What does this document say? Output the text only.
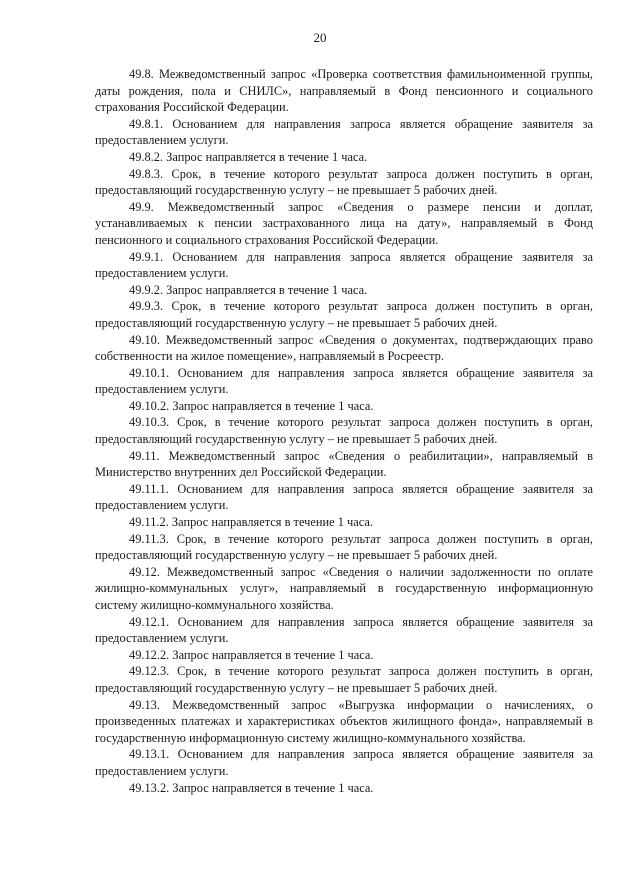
20

49.8. Межведомственный запрос «Проверка соответствия фамильноименной группы, даты рождения, пола и СНИЛС», направляемый в Фонд пенсионного и социального страхования Российской Федерации.

49.8.1. Основанием для направления запроса является обращение заявителя за предоставлением услуги.

49.8.2. Запрос направляется в течение 1 часа.

49.8.3. Срок, в течение которого результат запроса должен поступить в орган, предоставляющий государственную услугу – не превышает 5 рабочих дней.

49.9. Межведомственный запрос «Сведения о размере пенсии и доплат, устанавливаемых к пенсии застрахованного лица на дату», направляемый в Фонд пенсионного и социального страхования Российской Федерации.

49.9.1. Основанием для направления запроса является обращение заявителя за предоставлением услуги.

49.9.2. Запрос направляется в течение 1 часа.

49.9.3. Срок, в течение которого результат запроса должен поступить в орган, предоставляющий государственную услугу – не превышает 5 рабочих дней.

49.10. Межведомственный запрос «Сведения о документах, подтверждающих право собственности на жилое помещение», направляемый в Росреестр.

49.10.1. Основанием для направления запроса является обращение заявителя за предоставлением услуги.

49.10.2. Запрос направляется в течение 1 часа.

49.10.3. Срок, в течение которого результат запроса должен поступить в орган, предоставляющий государственную услугу – не превышает 5 рабочих дней.

49.11. Межведомственный запрос «Сведения о реабилитации», направляемый в Министерство внутренних дел Российской Федерации.

49.11.1. Основанием для направления запроса является обращение заявителя за предоставлением услуги.

49.11.2. Запрос направляется в течение 1 часа.

49.11.3. Срок, в течение которого результат запроса должен поступить в орган, предоставляющий государственную услугу – не превышает 5 рабочих дней.

49.12. Межведомственный запрос «Сведения о наличии задолженности по оплате жилищно-коммунальных услуг», направляемый в государственную информационную систему жилищно-коммунального хозяйства.

49.12.1. Основанием для направления запроса является обращение заявителя за предоставлением услуги.

49.12.2. Запрос направляется в течение 1 часа.

49.12.3. Срок, в течение которого результат запроса должен поступить в орган, предоставляющий государственную услугу – не превышает 5 рабочих дней.

49.13. Межведомственный запрос «Выгрузка информации о начислениях, о произведенных платежах и характеристиках объектов жилищного фонда», направляемый в государственную информационную систему жилищно-коммунального хозяйства.

49.13.1. Основанием для направления запроса является обращение заявителя за предоставлением услуги.

49.13.2. Запрос направляется в течение 1 часа.
